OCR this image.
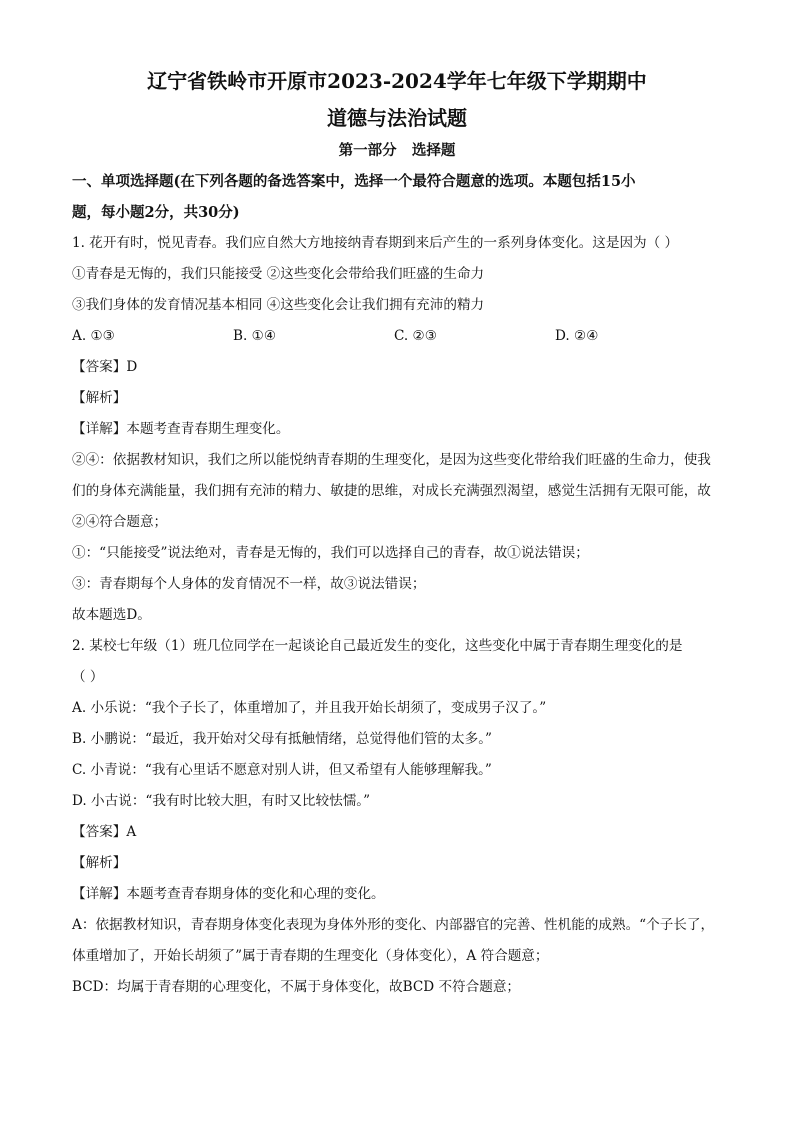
辽宁省铁岭市开原市2023-2024学年七年级下学期期中

道德与法治试题

第一部分   选择题

一、单项选择题(在下列各题的备选答案中，选择一个最符合题意的选项。本题包括15小

题，每小题2分，共30分)

1. 花开有时，悦见青春。我们应自然大方地接纳青春期到来后产生的一系列身体变化。这是因为（ ）

①青春是无悔的，我们只能接受 ②这些变化会带给我们旺盛的生命力

③我们身体的发育情况基本相同 ④这些变化会让我们拥有充沛的精力

A. ①③	B. ①④	C. ②③	D. ②④

【答案】D

【解析】

【详解】本题考查青春期生理变化。

②④：依据教材知识，我们之所以能悦纳青春期的生理变化，是因为这些变化带给我们旺盛的生命力，使我们的身体充满能量，我们拥有充沛的精力、敏捷的思维，对成长充满强烈渴望，感觉生活拥有无限可能，故②④符合题意；

①：“只能接受”说法绝对，青春是无悔的，我们可以选择自己的青春，故①说法错误；

③：青春期每个人身体的发育情况不一样，故③说法错误；

故本题选D。

2. 某校七年级（1）班几位同学在一起谈论自己最近发生的变化，这些变化中属于青春期生理变化的是

（ ）

A. 小乐说：“我个子长了，体重增加了，并且我开始长胡须了，变成男子汉了。”

B. 小鹏说：“最近，我开始对父母有抵触情绪，总觉得他们管的太多。”

C. 小青说：“我有心里话不愿意对别人讲，但又希望有人能够理解我。”

D. 小古说：“我有时比较大胆，有时又比较怯懦。”

【答案】A

【解析】

【详解】本题考查青春期身体的变化和心理的变化。

A：依据教材知识，青春期身体变化表现为身体外形的变化、内部器官的完善、性机能的成熟。“个子长了，体重增加了，开始长胡须了”属于青春期的生理变化（身体变化），A 符合题意；

BCD：均属于青春期的心理变化，不属于身体变化，故BCD 不符合题意；
